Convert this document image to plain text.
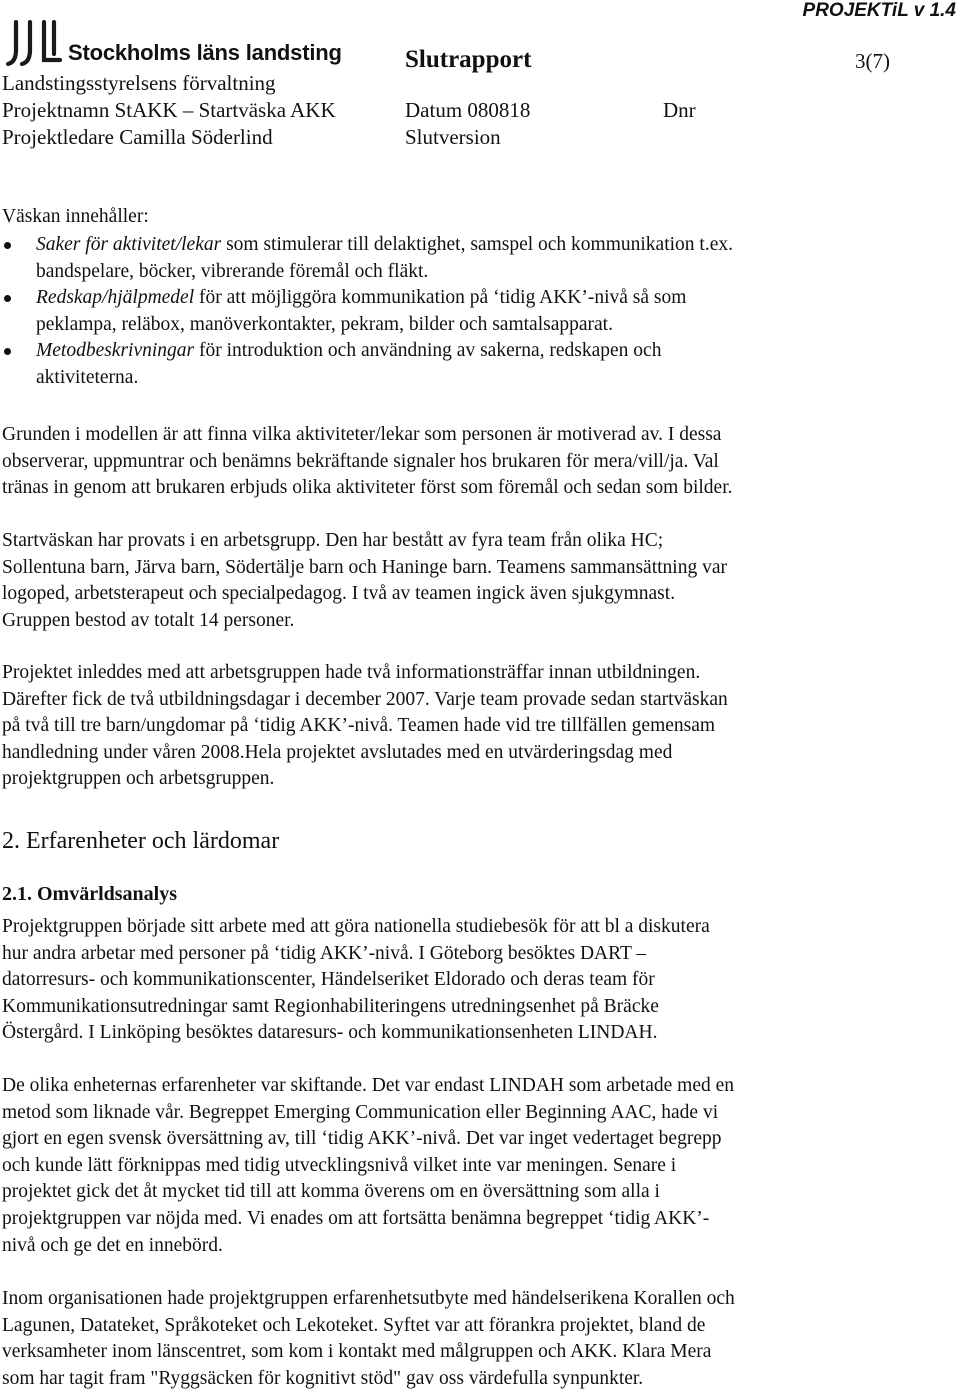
PROJEKTiL v 1.4
Stockholms läns landsting
Landstingsstyrelsens förvaltning
Projektnamn StAKK – Startväska AKK
Projektledare Camilla Söderlind
Slutrapport
Datum 080818
Slutversion
Dnr
3(7)
Väskan innehåller:
Saker för aktivitet/lekar som stimulerar till delaktighet, samspel och kommunikation t.ex.
bandspelare, böcker, vibrerande föremål och fläkt.
Redskap/hjälpmedel för att möjliggöra kommunikation på ‘tidig AKK’-nivå så som
peklampa, reläbox, manöverkontakter, pekram, bilder och samtalsapparat.
Metodbeskrivningar för introduktion och användning av sakerna, redskapen och
aktiviteterna.
Grunden i modellen är att finna vilka aktiviteter/lekar som personen är motiverad av. I dessa
observerar, uppmuntrar och benämns bekräftande signaler hos brukaren för mera/vill/ja. Val
tränas in genom att brukaren erbjuds olika aktiviteter först som föremål och sedan som bilder.
Startväskan har provats i en arbetsgrupp. Den har bestått av fyra team från olika HC;
Sollentuna barn, Järva barn, Södertälje barn och Haninge barn. Teamens sammansättning var
logoped, arbetsterapeut och specialpedagog. I två av teamen ingick även sjukgymnast.
Gruppen bestod av totalt 14 personer.
Projektet inleddes med att arbetsgruppen hade två informationsträffar innan utbildningen.
Därefter fick de två utbildningsdagar i december 2007. Varje team provade sedan startväskan
på två till tre barn/ungdomar på ‘tidig AKK’-nivå. Teamen hade vid tre tillfällen gemensam
handledning under våren 2008.Hela projektet avslutades med en utvärderingsdag med
projektgruppen och arbetsgruppen.
2. Erfarenheter och lärdomar
2.1. Omvärldsanalys
Projektgruppen började sitt arbete med att göra nationella studiebesök för att bl a diskutera
hur andra arbetar med personer på ‘tidig AKK’-nivå. I Göteborg besöktes DART –
datorresurs- och kommunikationscenter, Händelseriket Eldorado och deras team för
Kommunikationsutredningar samt Regionhabiliteringens utredningsenhet på Bräcke
Östergård. I Linköping besöktes dataresurs- och kommunikationsenheten LINDAH.
De olika enheternas erfarenheter var skiftande. Det var endast LINDAH som arbetade med en
metod som liknade vår. Begreppet Emerging Communication eller Beginning AAC, hade vi
gjort en egen svensk översättning av, till ‘tidig AKK’-nivå. Det var inget vedertaget begrepp
och kunde lätt förknippas med tidig utvecklingsnivå vilket inte var meningen. Senare i
projektet gick det åt mycket tid till att komma överens om en översättning som alla i
projektgruppen var nöjda med. Vi enades om att fortsätta benämna begreppet ‘tidig AKK’-
nivå och ge det en innebörd.
Inom organisationen hade projektgruppen erfarenhetsutbyte med händelserikena Korallen och
Lagunen, Datateket, Språkoteket och Lekoteket. Syftet var att förankra projektet, bland de
verksamheter inom länscentret, som kom i kontakt med målgruppen och AKK. Klara Mera
som har tagit fram "Ryggsäcken för kognitivt stöd" gav oss värdefulla synpunkter.
